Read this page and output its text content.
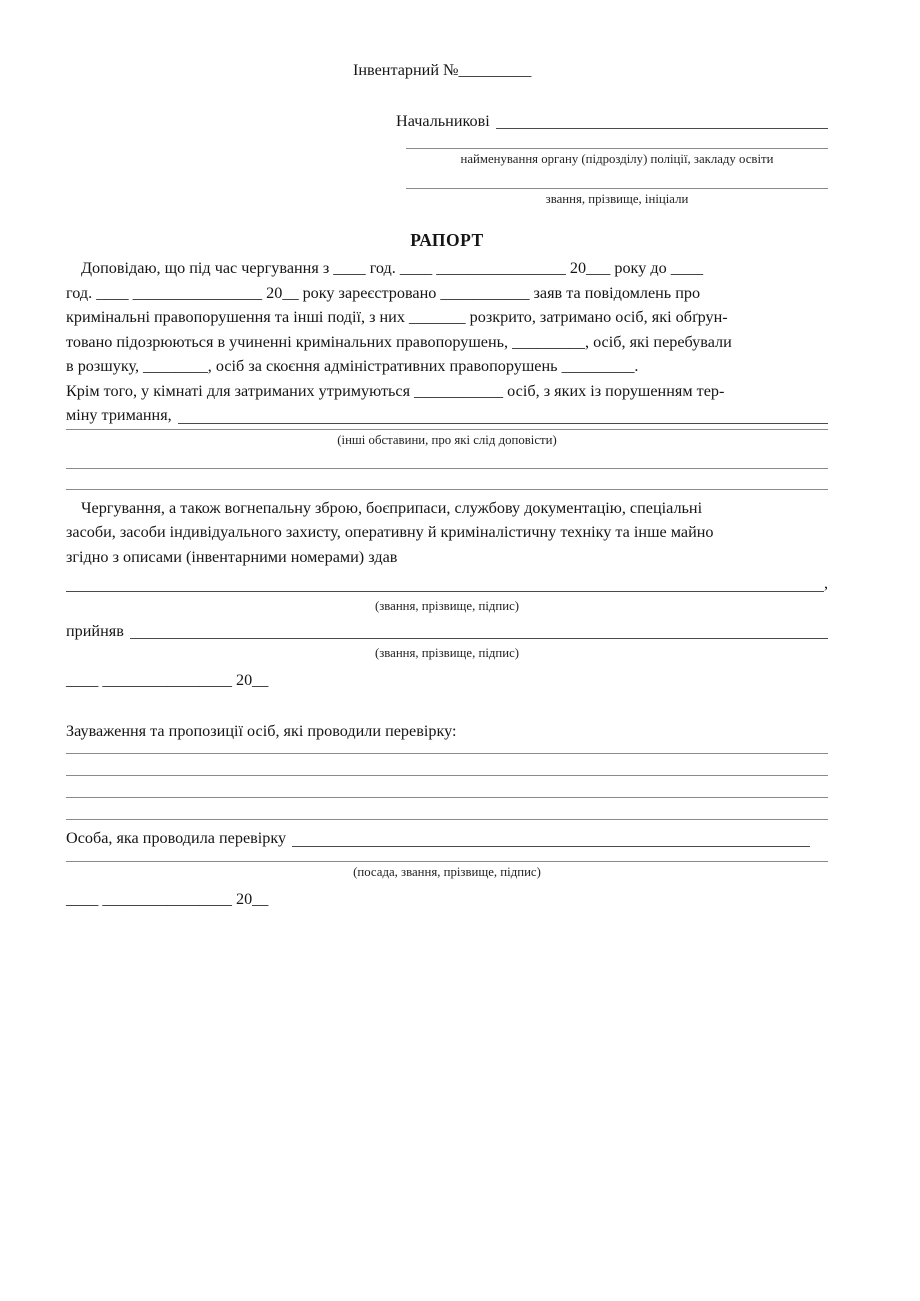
Інвентарний №_________
Начальникові
найменування органу (підрозділу) поліції, закладу освіти
звання, прізвище, ініціали
РАПОРТ
Доповідаю, що під час чергування з ____ год. ____ ________________ 20___ року до ____
год. ____ ________________ 20__ року зареєстровано ___________ заяв та повідомлень про
кримінальні правопорушення та інші події, з них _______ розкрито, затримано осіб, які обґрун-
товано підозрюються в учиненні кримінальних правопорушень, _________, осіб, які перебували
в розшуку, ________, осіб за скоєння адміністративних правопорушень _________.
Крім того, у кімнаті для затриманих утримуються ___________ осіб, з яких із порушенням тер-
міну тримання,
(інші обставини, про які слід доповісти)
Чергування, а також вогнепальну зброю, боєприпаси, службову документацію, спеціальні
засоби, засоби індивідуального захисту, оперативну й криміналістичну техніку та інше майно
згідно з описами (інвентарними номерами) здав
,
(звання, прізвище, підпис)
прийняв
(звання, прізвище, підпис)
____ ________________ 20__
Зауваження та пропозиції осіб, які проводили перевірку:
Особа, яка проводила перевірку
(посада, звання, прізвище, підпис)
____ ________________ 20__
